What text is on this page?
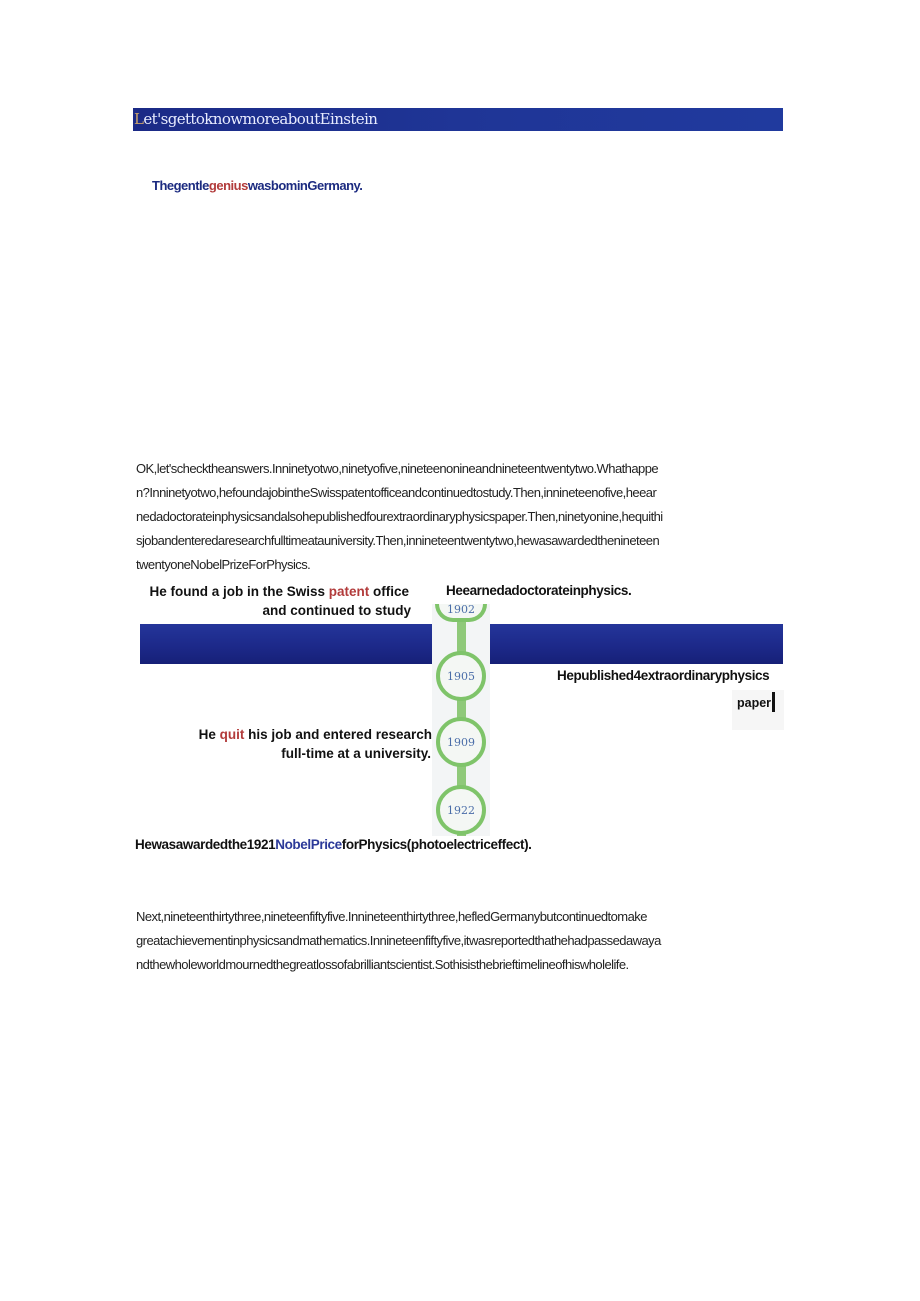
Let'sgettoknowmoreaboutEinstein
ThegentlegeniuswasbominGermany.
OK,let'schecktheanswers.Inninetyotwo,ninetyofive,nineteenonineandnineteentwentytwo.Whathappe
n?Inninetyotwo,hefoundajobintheSwisspatentofficeandcontinuedtostudy.Then,innineteenofive,heear
nedadoctorateinphysicsandalsohepublishedfourextraordinaryphysicspaper.Then,ninetyonine,hequithi
sjobandenteredaresearchfulltimeatauniversity.Then,innineteentwentytwo,hewasawardedthenineteen
twentyoneNobelPrizeForPhysics.
1902
1905
1909
1922
He found a job in the Swiss patent office
and continued to study
Heearnedadoctorateinphysics.
Hepublished4extraordinaryphysics
paper
He quit his job and entered research
full-time at a university.
Hewasawardedthe1921NobelPriceforPhysics(photoelectriceffect).
Next,nineteenthirtythree,nineteenfiftyfive.Innineteenthirtythree,hefledGermanybutcontinuedtomake
greatachievementinphysicsandmathematics.Innineteenfiftyfive,itwasreportedthathehadpassedawaya
ndthewholeworldmournedthegreatlossofabrilliantscientist.Sothisisthebrieftimelineofhiswholelife.
